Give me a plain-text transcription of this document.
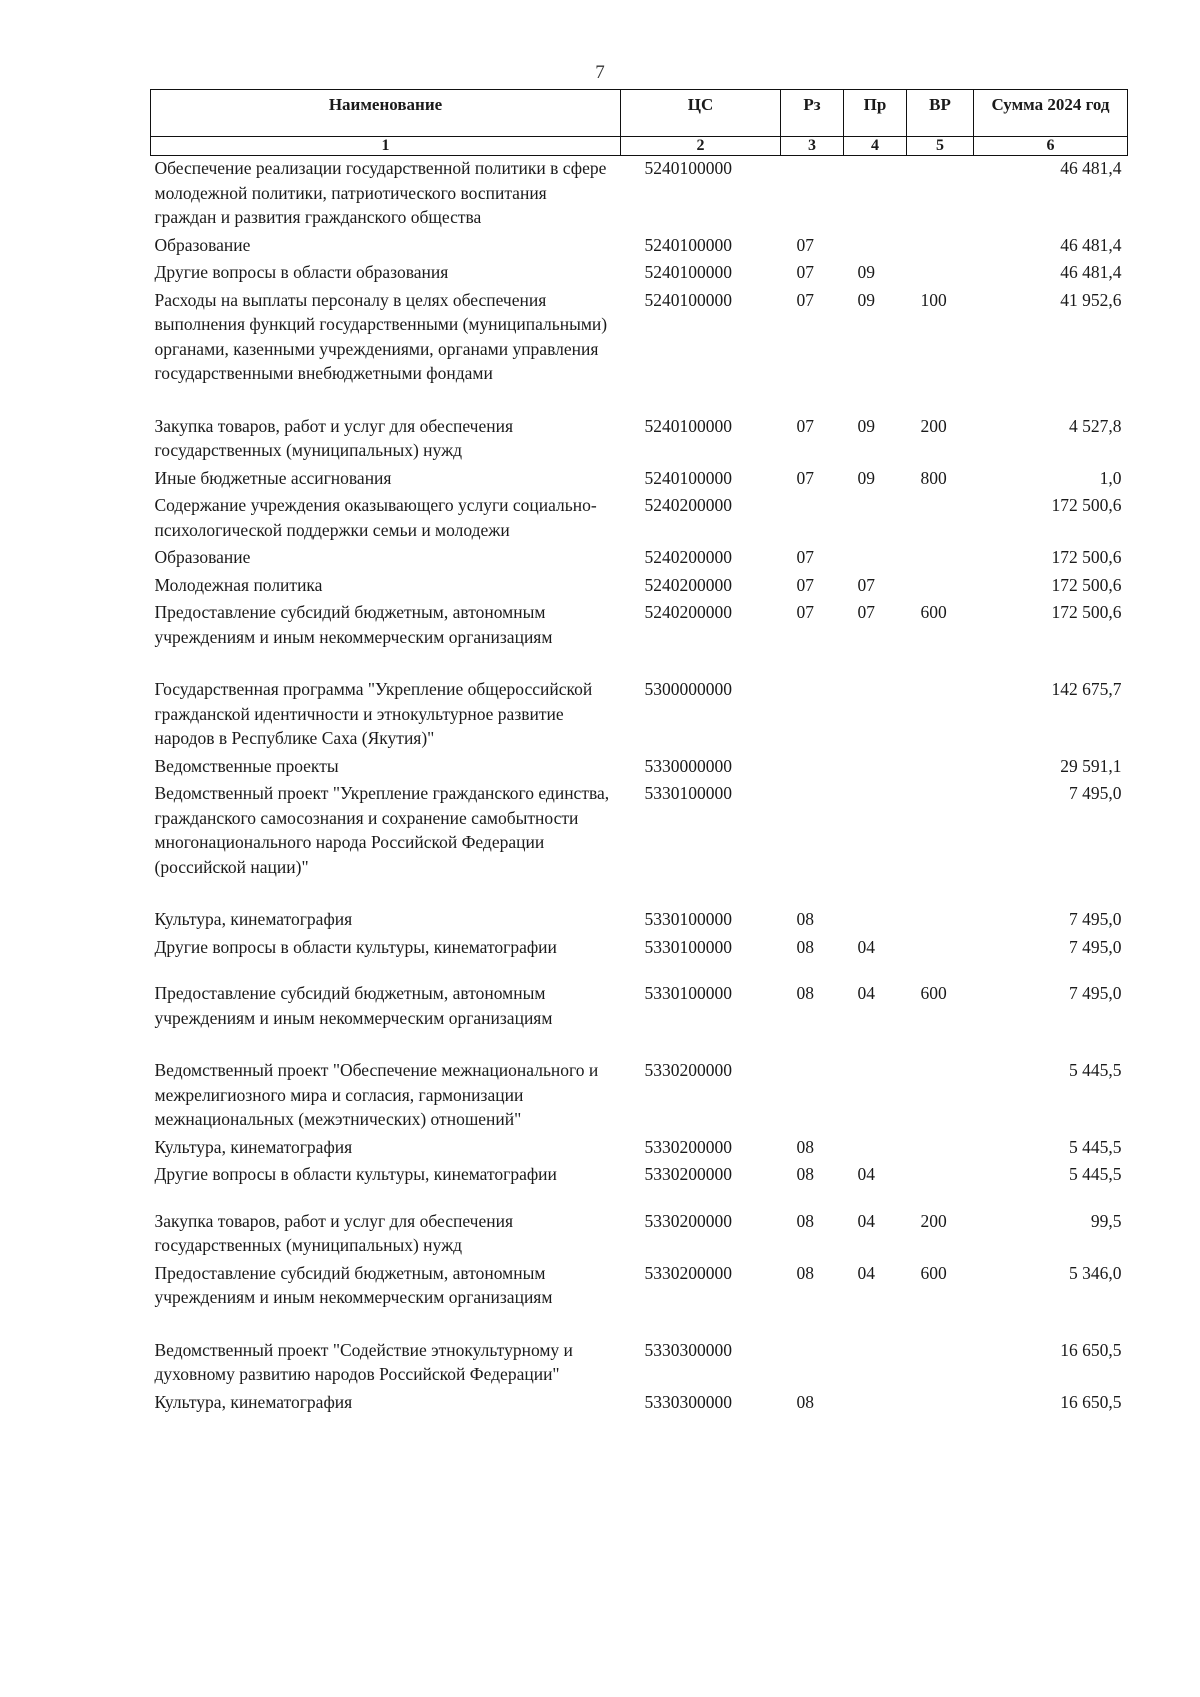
7
Наименование	ЦС	Рз	Пр	ВР	Сумма 2024 год
1	2	3	4	5	6
Обеспечение реализации государственной политики в сфере молодежной политики, патриотического воспитания граждан и развития гражданского общества	5240100000				46 481,4
Образование	5240100000	07			46 481,4
Другие вопросы в области образования	5240100000	07	09		46 481,4
Расходы на выплаты персоналу в целях обеспечения выполнения функций государственными (муниципальными) органами, казенными учреждениями, органами управления государственными внебюджетными фондами	5240100000	07	09	100	41 952,6
Закупка товаров, работ и услуг для обеспечения государственных (муниципальных) нужд	5240100000	07	09	200	4 527,8
Иные бюджетные ассигнования	5240100000	07	09	800	1,0
Содержание учреждения оказывающего услуги социально-психологической поддержки семьи и молодежи	5240200000				172 500,6
Образование	5240200000	07			172 500,6
Молодежная политика	5240200000	07	07		172 500,6
Предоставление субсидий бюджетным, автономным учреждениям и иным некоммерческим организациям	5240200000	07	07	600	172 500,6
Государственная программа "Укрепление общероссийской гражданской идентичности и этнокультурное развитие народов в Республике Саха (Якутия)"	5300000000				142 675,7
Ведомственные проекты	5330000000				29 591,1
Ведомственный проект "Укрепление гражданского единства, гражданского самосознания и сохранение самобытности многонационального народа Российской Федерации (российской нации)"	5330100000				7 495,0
Культура, кинематография	5330100000	08			7 495,0
Другие вопросы в области культуры, кинематографии	5330100000	08	04		7 495,0
Предоставление субсидий бюджетным, автономным учреждениям и иным некоммерческим организациям	5330100000	08	04	600	7 495,0
Ведомственный проект "Обеспечение межнационального и межрелигиозного мира и согласия, гармонизации межнациональных (межэтнических) отношений"	5330200000				5 445,5
Культура, кинематография	5330200000	08			5 445,5
Другие вопросы в области культуры, кинематографии	5330200000	08	04		5 445,5
Закупка товаров, работ и услуг для обеспечения государственных (муниципальных) нужд	5330200000	08	04	200	99,5
Предоставление субсидий бюджетным, автономным учреждениям и иным некоммерческим организациям	5330200000	08	04	600	5 346,0
Ведомственный проект "Содействие этнокультурному и духовному развитию народов Российской Федерации"	5330300000				16 650,5
Культура, кинематография	5330300000	08			16 650,5
